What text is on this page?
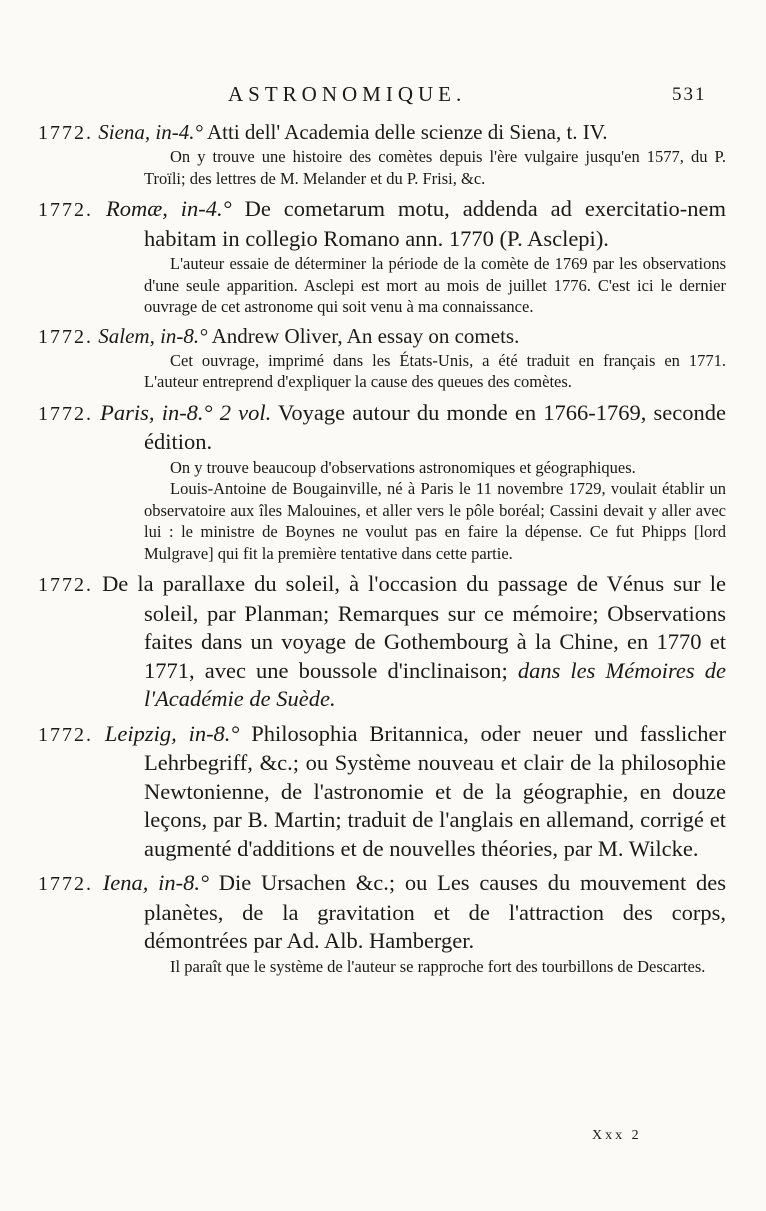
ASTRONOMIQUE.	531
1772. Siena, in-4.° Atti dell' Academia delle scienze di Siena, t. IV.

On y trouve une histoire des comètes depuis l'ère vulgaire jusqu'en 1577, du P. Troïli; des lettres de M. Melander et du P. Frisi, &c.

1772. Romæ, in-4.° De cometarum motu, addenda ad exercitatio-nem habitam in collegio Romano ann. 1770 (P. Asclepi).

L'auteur essaie de déterminer la période de la comète de 1769 par les observations d'une seule apparition. Asclepi est mort au mois de juillet 1776. C'est ici le dernier ouvrage de cet astronome qui soit venu à ma connaissance.

1772. Salem, in-8.° Andrew Oliver, An essay on comets.

Cet ouvrage, imprimé dans les États-Unis, a été traduit en français en 1771. L'auteur entreprend d'expliquer la cause des queues des comètes.

1772. Paris, in-8.° 2 vol. Voyage autour du monde en 1766-1769, seconde édition.

On y trouve beaucoup d'observations astronomiques et géographiques.

Louis-Antoine de Bougainville, né à Paris le 11 novembre 1729, voulait établir un observatoire aux îles Malouines, et aller vers le pôle boréal; Cassini devait y aller avec lui : le ministre de Boynes ne voulut pas en faire la dépense. Ce fut Phipps [lord Mulgrave] qui fit la première tentative dans cette partie.

1772. De la parallaxe du soleil, à l'occasion du passage de Vénus sur le soleil, par Planman; Remarques sur ce mémoire; Observations faites dans un voyage de Gothembourg à la Chine, en 1770 et 1771, avec une boussole d'inclinaison; dans les Mémoires de l'Académie de Suède.
1772. Leipzig, in-8.° Philosophia Britannica, oder neuer und fasslicher Lehrbegriff, &c.; ou Système nouveau et clair de la philosophie Newtonienne, de l'astronomie et de la géographie, en douze leçons, par B. Martin; traduit de l'anglais en allemand, corrigé et augmenté d'additions et de nouvelles théories, par M. Wilcke.
1772. Iena, in-8.° Die Ursachen &c.; ou Les causes du mouvement des planètes, de la gravitation et de l'attraction des corps, démontrées par Ad. Alb. Hamberger.

Il paraît que le système de l'auteur se rapproche fort des tourbillons de Descartes.

Xxx 2
